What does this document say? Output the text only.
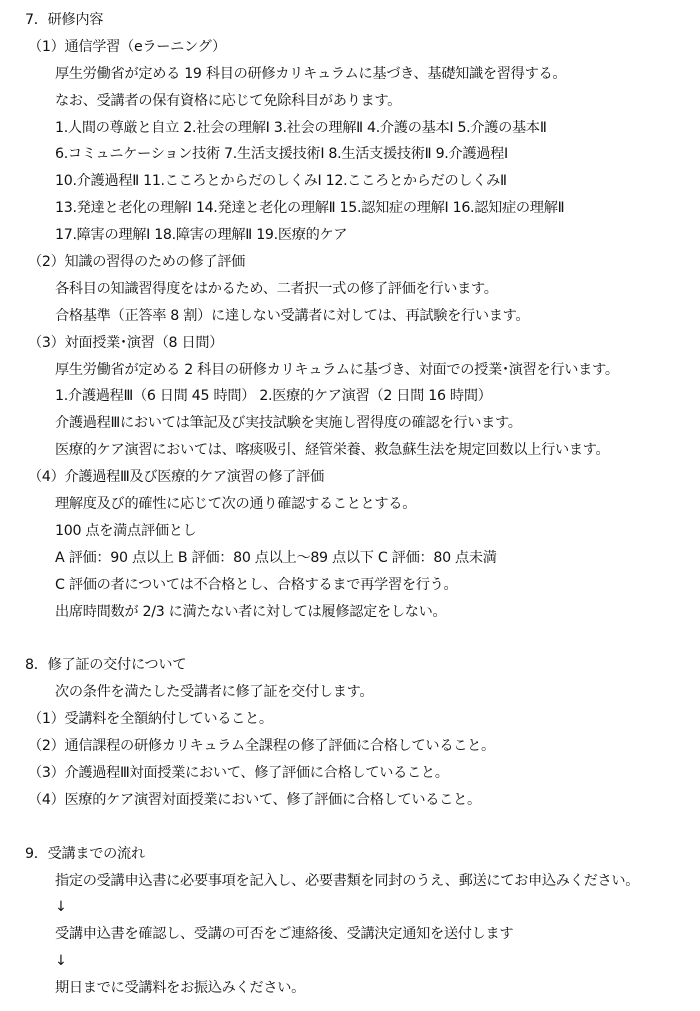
7．研修内容
（1）通信学習（eラーニング）
厚生労働省が定める 19 科目の研修カリキュラムに基づき、基礎知識を習得する。
なお、受講者の保有資格に応じて免除科目があります。
1.人間の尊厳と自立 2.社会の理解Ⅰ 3.社会の理解Ⅱ 4.介護の基本Ⅰ 5.介護の基本Ⅱ
6.コミュニケーション技術 7.生活支援技術Ⅰ 8.生活支援技術Ⅱ 9.介護過程Ⅰ
10.介護過程Ⅱ 11.こころとからだのしくみⅠ 12.こころとからだのしくみⅡ
13.発達と老化の理解Ⅰ 14.発達と老化の理解Ⅱ 15.認知症の理解Ⅰ 16.認知症の理解Ⅱ
17.障害の理解Ⅰ 18.障害の理解Ⅱ 19.医療的ケア
（2）知識の習得のための修了評価
各科目の知識習得度をはかるため、二者択一式の修了評価を行います。
合格基準（正答率 8 割）に達しない受講者に対しては、再試験を行います。
（3）対面授業･演習（8 日間）
厚生労働省が定める 2 科目の研修カリキュラムに基づき、対面での授業･演習を行います。
1.介護過程Ⅲ（6 日間 45 時間） 2.医療的ケア演習（2 日間 16 時間）
介護過程Ⅲにおいては筆記及び実技試験を実施し習得度の確認を行います。
医療的ケア演習においては、喀痰吸引、経管栄養、救急蘇生法を規定回数以上行います。
（4）介護過程Ⅲ及び医療的ケア演習の修了評価
理解度及び的確性に応じて次の通り確認することとする。
100 点を満点評価とし
A 評価：90 点以上 B 評価：80 点以上～89 点以下 C 評価：80 点未満
C 評価の者については不合格とし、合格するまで再学習を行う。
出席時間数が 2/3 に満たない者に対しては履修認定をしない。
8．修了証の交付について
次の条件を満たした受講者に修了証を交付します。
（1）受講料を全額納付していること。
（2）通信課程の研修カリキュラム全課程の修了評価に合格していること。
（3）介護過程Ⅲ対面授業において、修了評価に合格していること。
（4）医療的ケア演習対面授業において、修了評価に合格していること。
9．受講までの流れ
指定の受講申込書に必要事項を記入し、必要書類を同封のうえ、郵送にてお申込みください。
↓
受講申込書を確認し、受講の可否をご連絡後、受講決定通知を送付します
↓
期日までに受講料をお振込みください。
